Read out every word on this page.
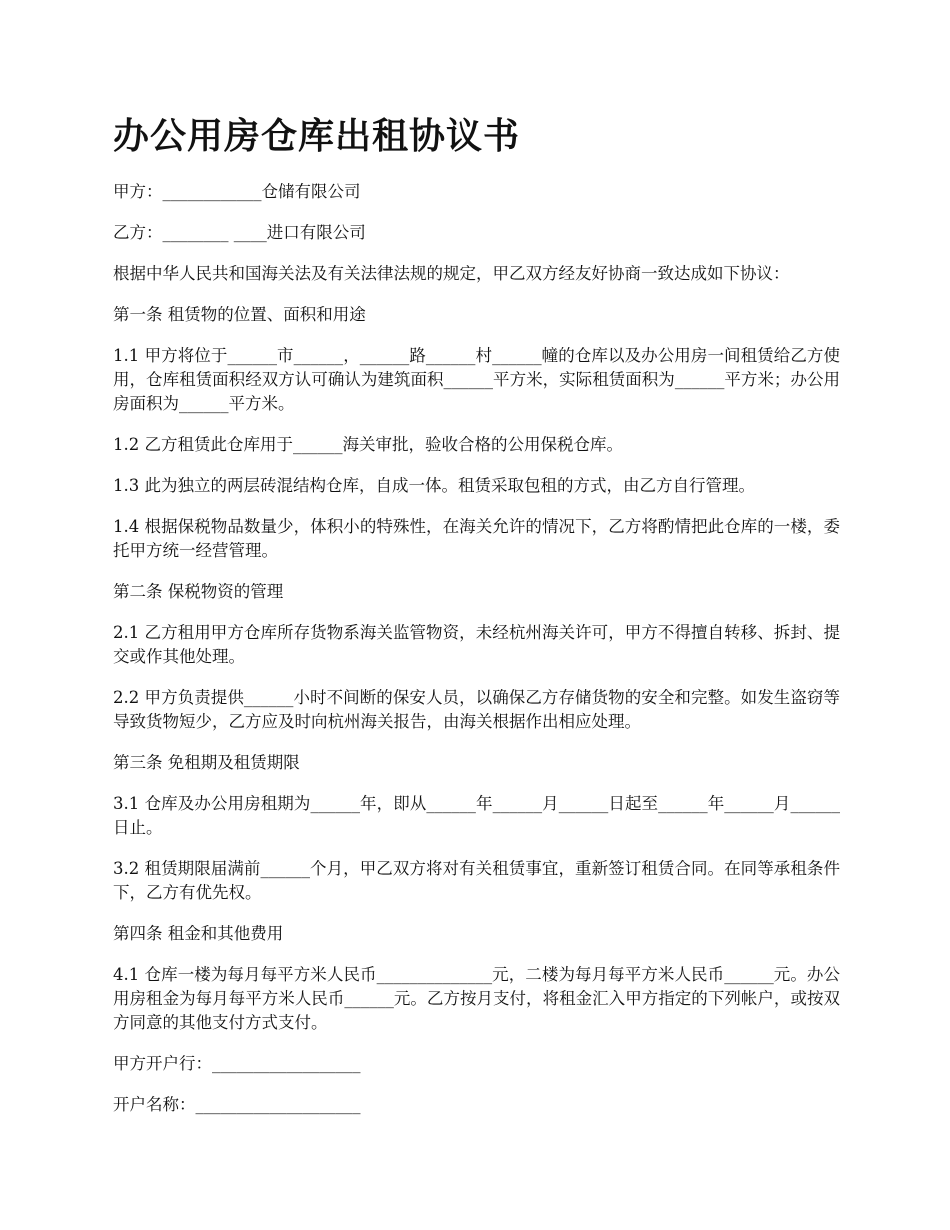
办公用房仓库出租协议书

甲方：____________仓储有限公司

乙方：________ ____进口有限公司

根据中华人民共和国海关法及有关法律法规的规定，甲乙双方经友好协商一致达成如下协议：

第一条 租赁物的位置、面积和用途

1.1 甲方将位于______市______，______路______村______幢的仓库以及办公用房一间租赁给乙方使用，仓库租赁面积经双方认可确认为建筑面积______平方米，实际租赁面积为______平方米；办公用房面积为______平方米。

1.2 乙方租赁此仓库用于______海关审批，验收合格的公用保税仓库。

1.3 此为独立的两层砖混结构仓库，自成一体。租赁采取包租的方式，由乙方自行管理。

1.4 根据保税物品数量少，体积小的特殊性，在海关允许的情况下，乙方将酌情把此仓库的一楼，委托甲方统一经营管理。

第二条 保税物资的管理

2.1 乙方租用甲方仓库所存货物系海关监管物资，未经杭州海关许可，甲方不得擅自转移、拆封、提交或作其他处理。

2.2 甲方负责提供______小时不间断的保安人员，以确保乙方存储货物的安全和完整。如发生盗窃等导致货物短少，乙方应及时向杭州海关报告，由海关根据作出相应处理。

第三条 免租期及租赁期限

3.1 仓库及办公用房租期为______年，即从______年______月______日起至______年______月______日止。

3.2 租赁期限届满前______个月，甲乙双方将对有关租赁事宜，重新签订租赁合同。在同等承租条件下，乙方有优先权。

第四条 租金和其他费用

4.1 仓库一楼为每月每平方米人民币______________元，二楼为每月每平方米人民币______元。办公用房租金为每月每平方米人民币______元。乙方按月支付，将租金汇入甲方指定的下列帐户，或按双方同意的其他支付方式支付。

甲方开户行：__________________

开户名称：____________________
